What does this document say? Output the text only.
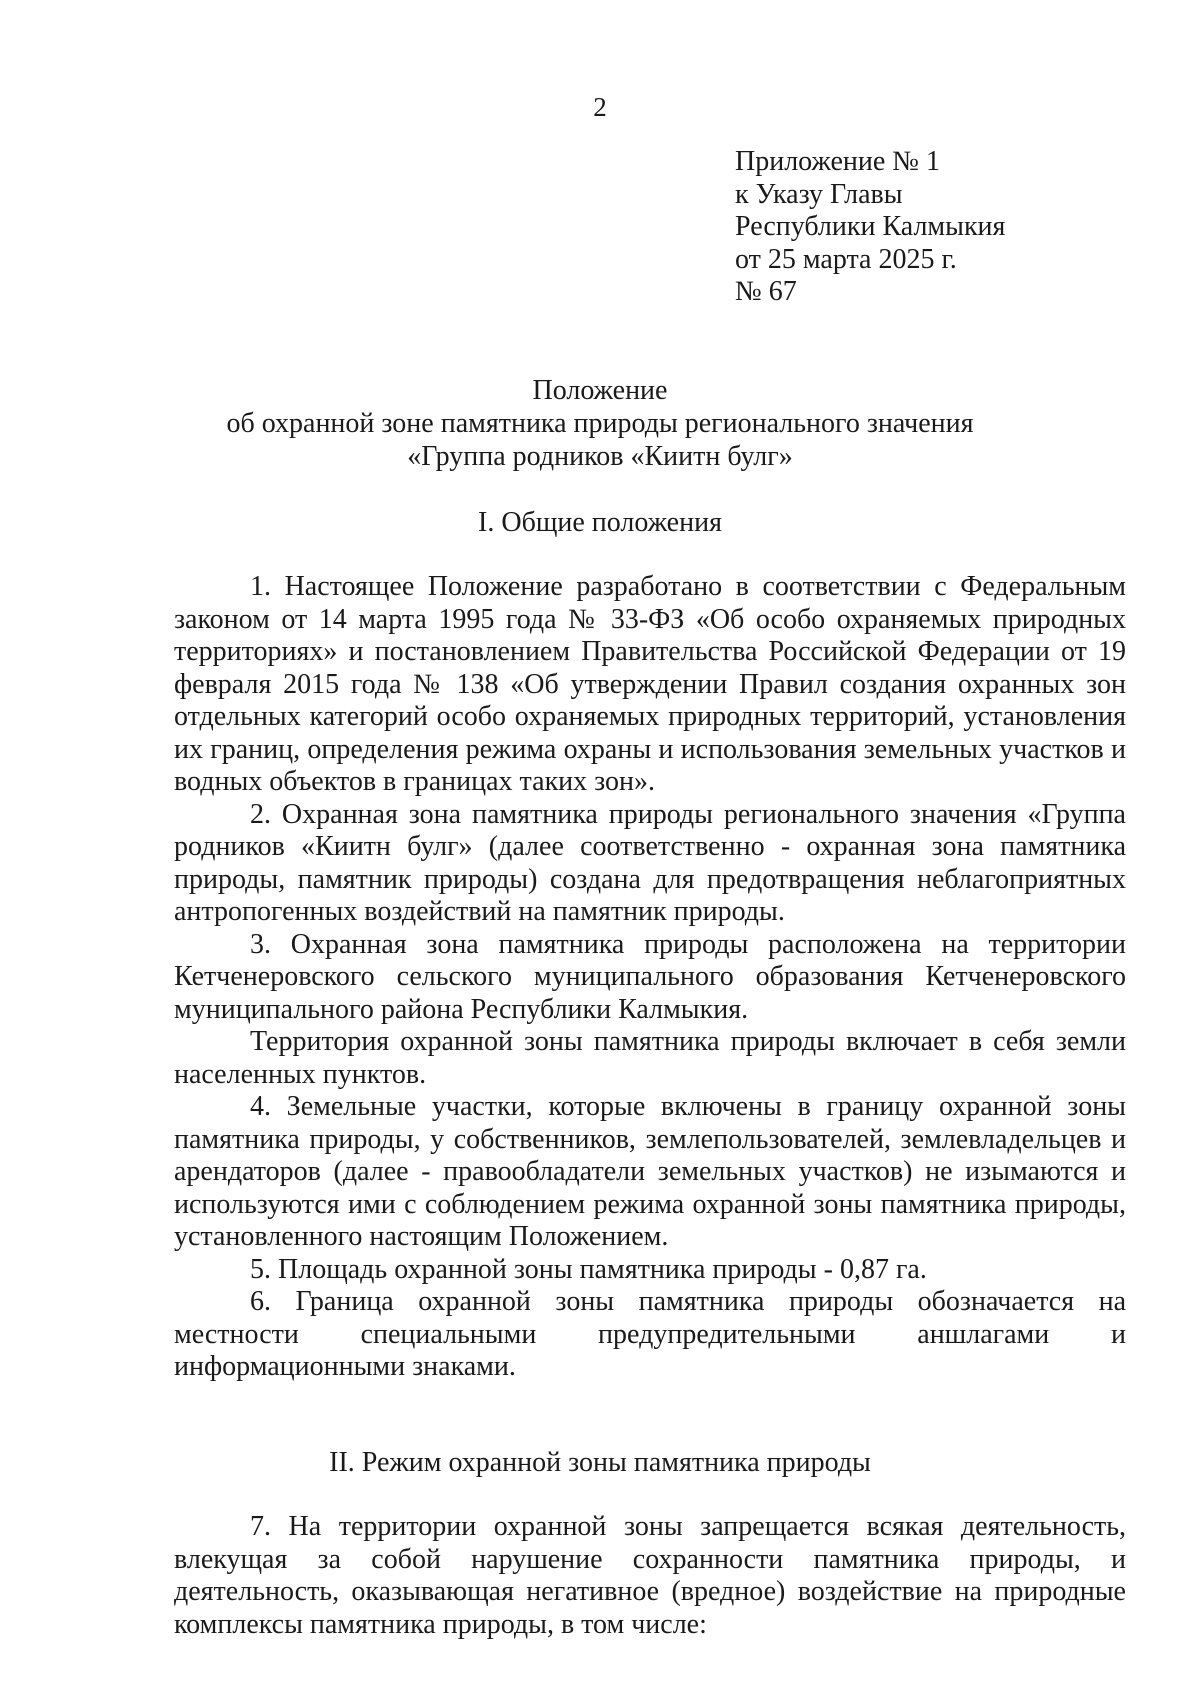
2
Приложение № 1
к Указу Главы
Республики Калмыкия
от 25 марта 2025 г.
№ 67
Положение
об охранной зоне памятника природы регионального значения
«Группа родников «Киитн булг»
I. Общие положения

1. Настоящее Положение разработано в соответствии с Федеральным законом от 14 марта 1995 года № 33-ФЗ «Об особо охраняемых природных территориях» и постановлением Правительства Российской Федерации от 19 февраля 2015 года № 138 «Об утверждении Правил создания охранных зон отдельных категорий особо охраняемых природных территорий, установления их границ, определения режима охраны и использования земельных участков и водных объектов в границах таких зон».

2. Охранная зона памятника природы регионального значения «Группа родников «Киитн булг» (далее соответственно - охранная зона памятника природы, памятник природы) создана для предотвращения неблагоприятных антропогенных воздействий на памятник природы.

3. Охранная зона памятника природы расположена на территории Кетченеровского сельского муниципального образования Кетченеровского муниципального района Республики Калмыкия.

Территория охранной зоны памятника природы включает в себя земли населенных пунктов.

4. Земельные участки, которые включены в границу охранной зоны памятника природы, у собственников, землепользователей, землевладельцев и арендаторов (далее - правообладатели земельных участков) не изымаются и используются ими с соблюдением режима охранной зоны памятника природы, установленного настоящим Положением.

5. Площадь охранной зоны памятника природы - 0,87 га.

6. Граница охранной зоны памятника природы обозначается на местности специальными предупредительными аншлагами и информационными знаками.

II. Режим охранной зоны памятника природы

7. На территории охранной зоны запрещается всякая деятельность, влекущая за собой нарушение сохранности памятника природы, и деятельность, оказывающая негативное (вредное) воздействие на природные комплексы памятника природы, в том числе:
